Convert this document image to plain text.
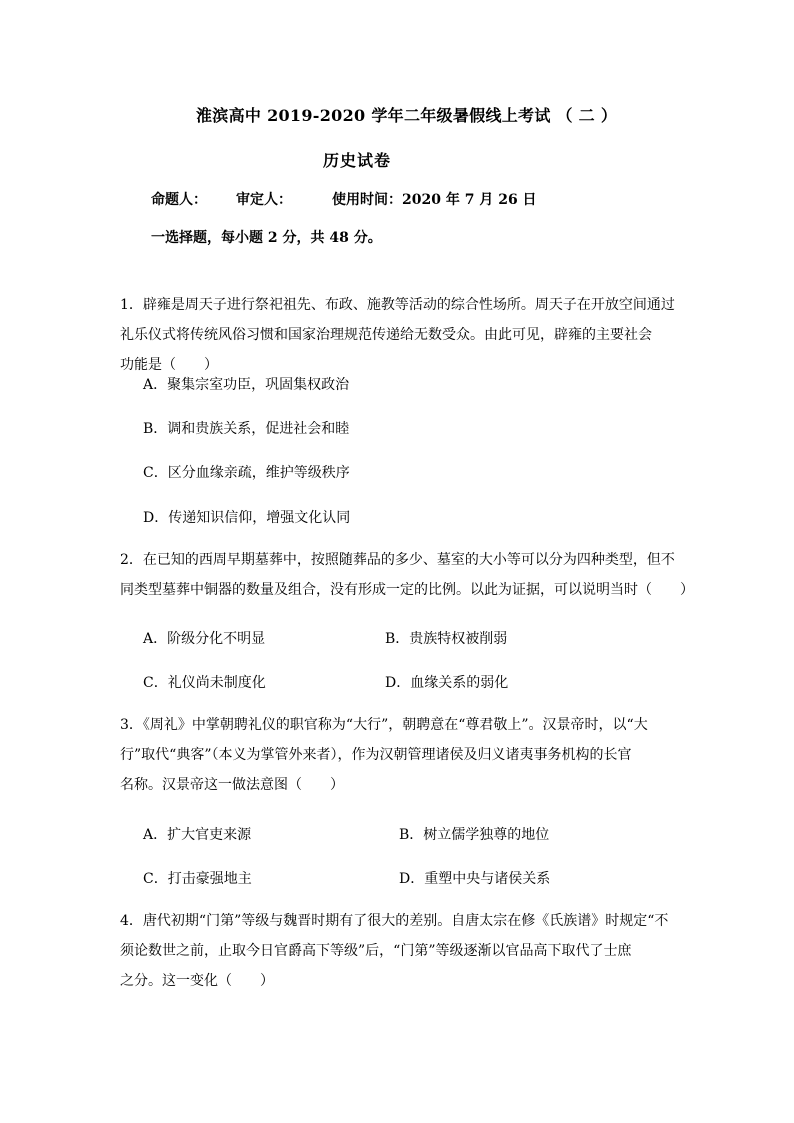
淮滨高中 2019-2020 学年二年级暑假线上考试 （ 二 ）
历史试卷
命题人： 审定人：	使用时间：2020 年 7 月 26 日
一选择题，每小题 2 分，共 48 分。
1．辟雍是周天子进行祭祀祖先、布政、施教等活动的综合性场所。周天子在开放空间通过
礼乐仪式将传统风俗习惯和国家治理规范传递给无数受众。由此可见，辟雍的主要社会
功能是（　　）
A．聚集宗室功臣，巩固集权政治
B．调和贵族关系，促进社会和睦
C．区分血缘亲疏，维护等级秩序
D．传递知识信仰，增强文化认同
2．在已知的西周早期墓葬中，按照随葬品的多少、墓室的大小等可以分为四种类型，但不
同类型墓葬中铜器的数量及组合，没有形成一定的比例。以此为证据，可以说明当时（　　）
A．阶级分化不明显	B．贵族特权被削弱
C．礼仪尚未制度化	D．血缘关系的弱化
3．《周礼》中掌朝聘礼仪的职官称为“大行”，朝聘意在“尊君敬上”。汉景帝时，以“大
行”取代“典客”（本义为掌管外来者），作为汉朝管理诸侯及归义诸夷事务机构的长官
名称。汉景帝这一做法意图（　　）
A．扩大官吏来源	B．树立儒学独尊的地位
C．打击豪强地主	D．重塑中央与诸侯关系
4．唐代初期“门第”等级与魏晋时期有了很大的差别。自唐太宗在修《氏族谱》时规定“不
须论数世之前，止取今日官爵高下等级”后，“门第”等级逐渐以官品高下取代了士庶
之分。这一变化（　　）
